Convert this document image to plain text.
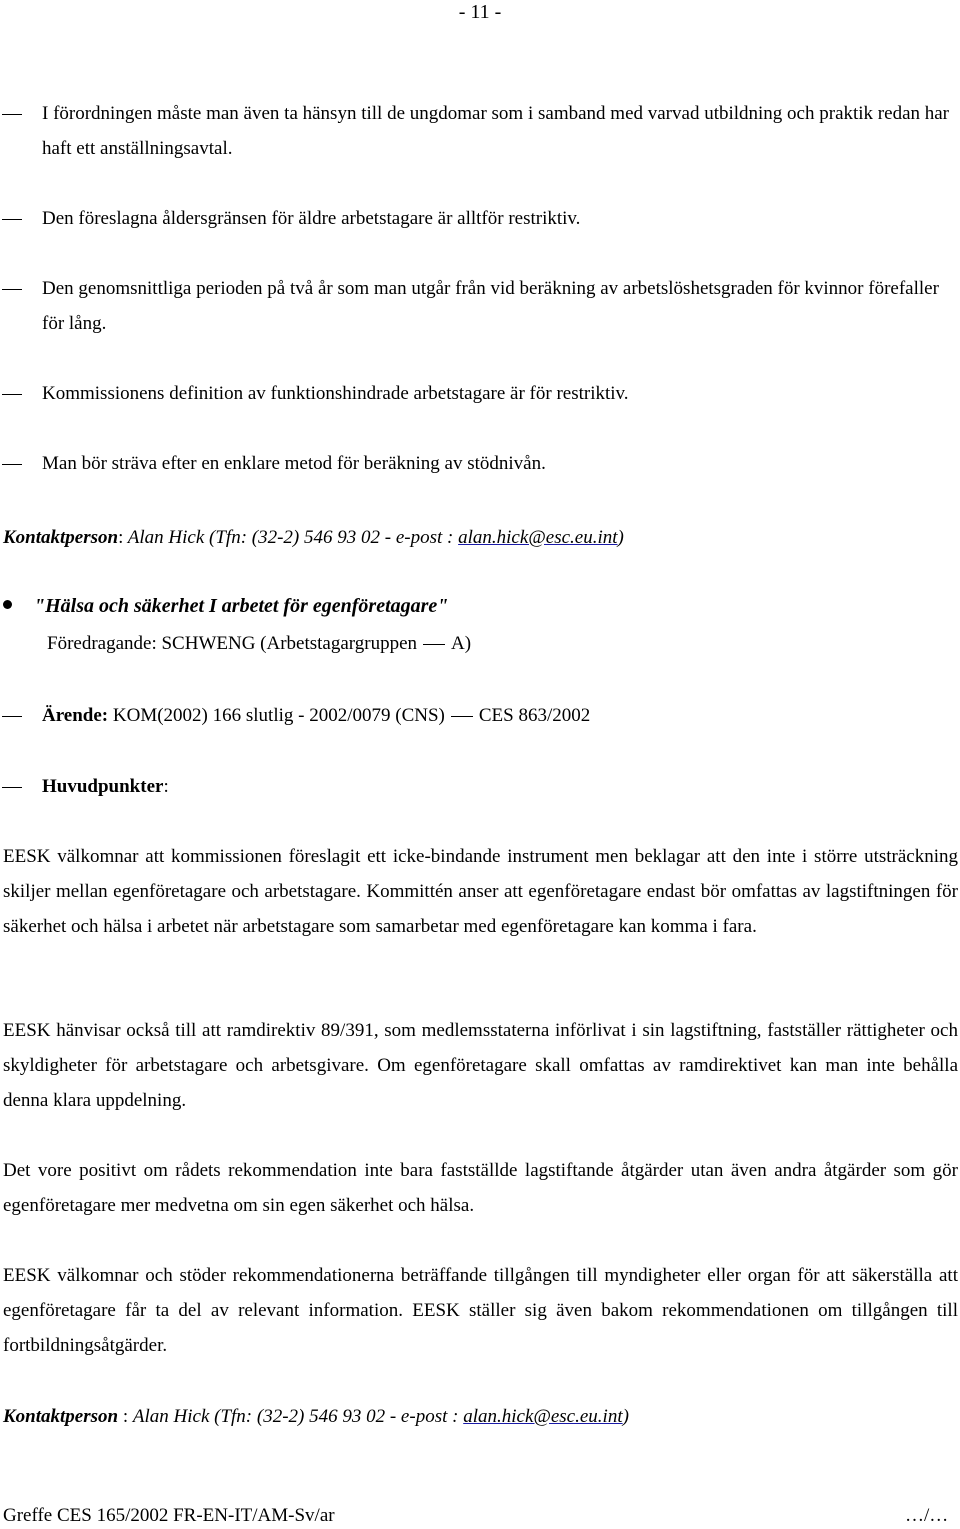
- 11 -
I förordningen måste man även ta hänsyn till de ungdomar som i samband med varvad utbildning och praktik redan har haft ett anställningsavtal.
Den föreslagna åldersgränsen för äldre arbetstagare är alltför restriktiv.
Den genomsnittliga perioden på två år som man utgår från vid beräkning av arbetslöshetsgraden för kvinnor förefaller för lång.
Kommissionens definition av funktionshindrade arbetstagare är för restriktiv.
Man bör sträva efter en enklare metod för beräkning av stödnivån.
Kontaktperson: Alan Hick (Tfn: (32-2) 546 93 02 - e-post : alan.hick@esc.eu.int)
"Hälsa och säkerhet I arbetet för egenföretagare"
Föredragande: SCHWENG (Arbetstagargruppen A)
Ärende: KOM(2002) 166 slutlig - 2002/0079 (CNS) CES 863/2002
Huvudpunkter:
EESK välkomnar att kommissionen föreslagit ett icke-bindande instrument men beklagar att den inte i större utsträckning skiljer mellan egenföretagare och arbetstagare. Kommittén anser att egenföretagare endast bör omfattas av lagstiftningen för säkerhet och hälsa i arbetet när arbetstagare som samarbetar med egenföretagare kan komma i fara.
EESK hänvisar också till att ramdirektiv 89/391, som medlemsstaterna införlivat i sin lagstiftning, fastställer rättigheter och skyldigheter för arbetstagare och arbetsgivare. Om egenföretagare skall omfattas av ramdirektivet kan man inte behålla denna klara uppdelning.
Det vore positivt om rådets rekommendation inte bara fastställde lagstiftande åtgärder utan även andra åtgärder som gör egenföretagare mer medvetna om sin egen säkerhet och hälsa.
EESK välkomnar och stöder rekommendationerna beträffande tillgången till myndigheter eller organ för att säkerställa att egenföretagare får ta del av relevant information. EESK ställer sig även bakom rekommendationen om tillgången till fortbildningsåtgärder.
Kontaktperson : Alan Hick (Tfn: (32-2) 546 93 02 - e-post : alan.hick@esc.eu.int)
Greffe CES 165/2002 FR-EN-IT/AM-Sv/ar	…/…
